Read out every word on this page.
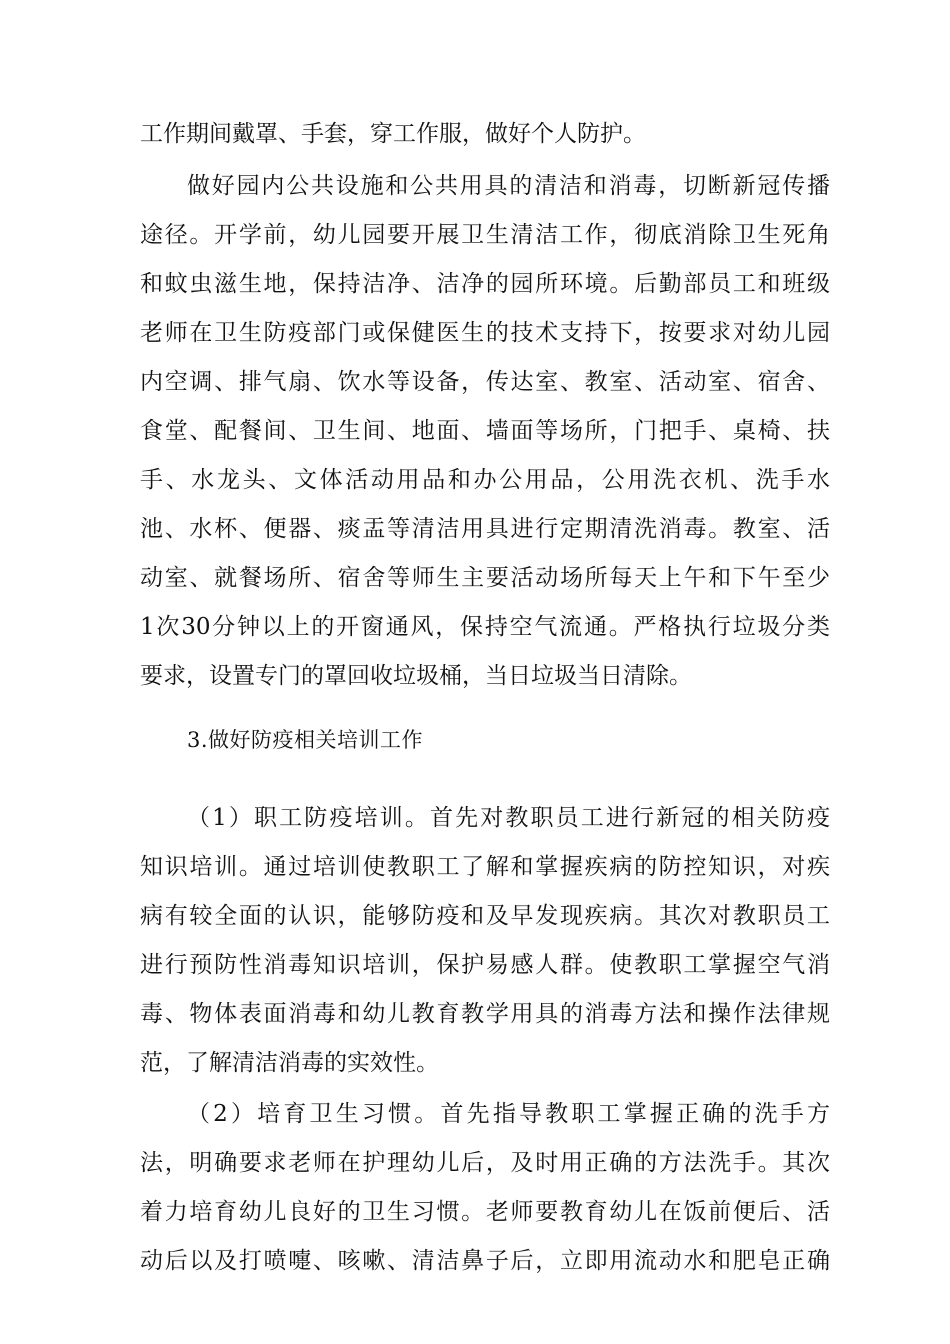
工作期间戴罩、手套，穿工作服，做好个人防护。
做好园内公共设施和公共用具的清洁和消毒，切断新冠传播
途径。开学前，幼儿园要开展卫生清洁工作，彻底消除卫生死角
和蚊虫滋生地，保持洁净、洁净的园所环境。后勤部员工和班级
老师在卫生防疫部门或保健医生的技术支持下，按要求对幼儿园
内空调、排气扇、饮水等设备，传达室、教室、活动室、宿舍、
食堂、配餐间、卫生间、地面、墙面等场所，门把手、桌椅、扶
手、水龙头、文体活动用品和办公用品，公用洗衣机、洗手水
池、水杯、便器、痰盂等清洁用具进行定期清洗消毒。教室、活
动室、就餐场所、宿舍等师生主要活动场所每天上午和下午至少
1次30分钟以上的开窗通风，保持空气流通。严格执行垃圾分类
要求，设置专门的罩回收垃圾桶，当日垃圾当日清除。
3.做好防疫相关培训工作
（1）职工防疫培训。首先对教职员工进行新冠的相关防疫
知识培训。通过培训使教职工了解和掌握疾病的防控知识，对疾
病有较全面的认识，能够防疫和及早发现疾病。其次对教职员工
进行预防性消毒知识培训，保护易感人群。使教职工掌握空气消
毒、物体表面消毒和幼儿教育教学用具的消毒方法和操作法律规
范，了解清洁消毒的实效性。
（2）培育卫生习惯。首先指导教职工掌握正确的洗手方
法，明确要求老师在护理幼儿后，及时用正确的方法洗手。其次
着力培育幼儿良好的卫生习惯。老师要教育幼儿在饭前便后、活
动后以及打喷嚏、咳嗽、清洁鼻子后，立即用流动水和肥皂正确
